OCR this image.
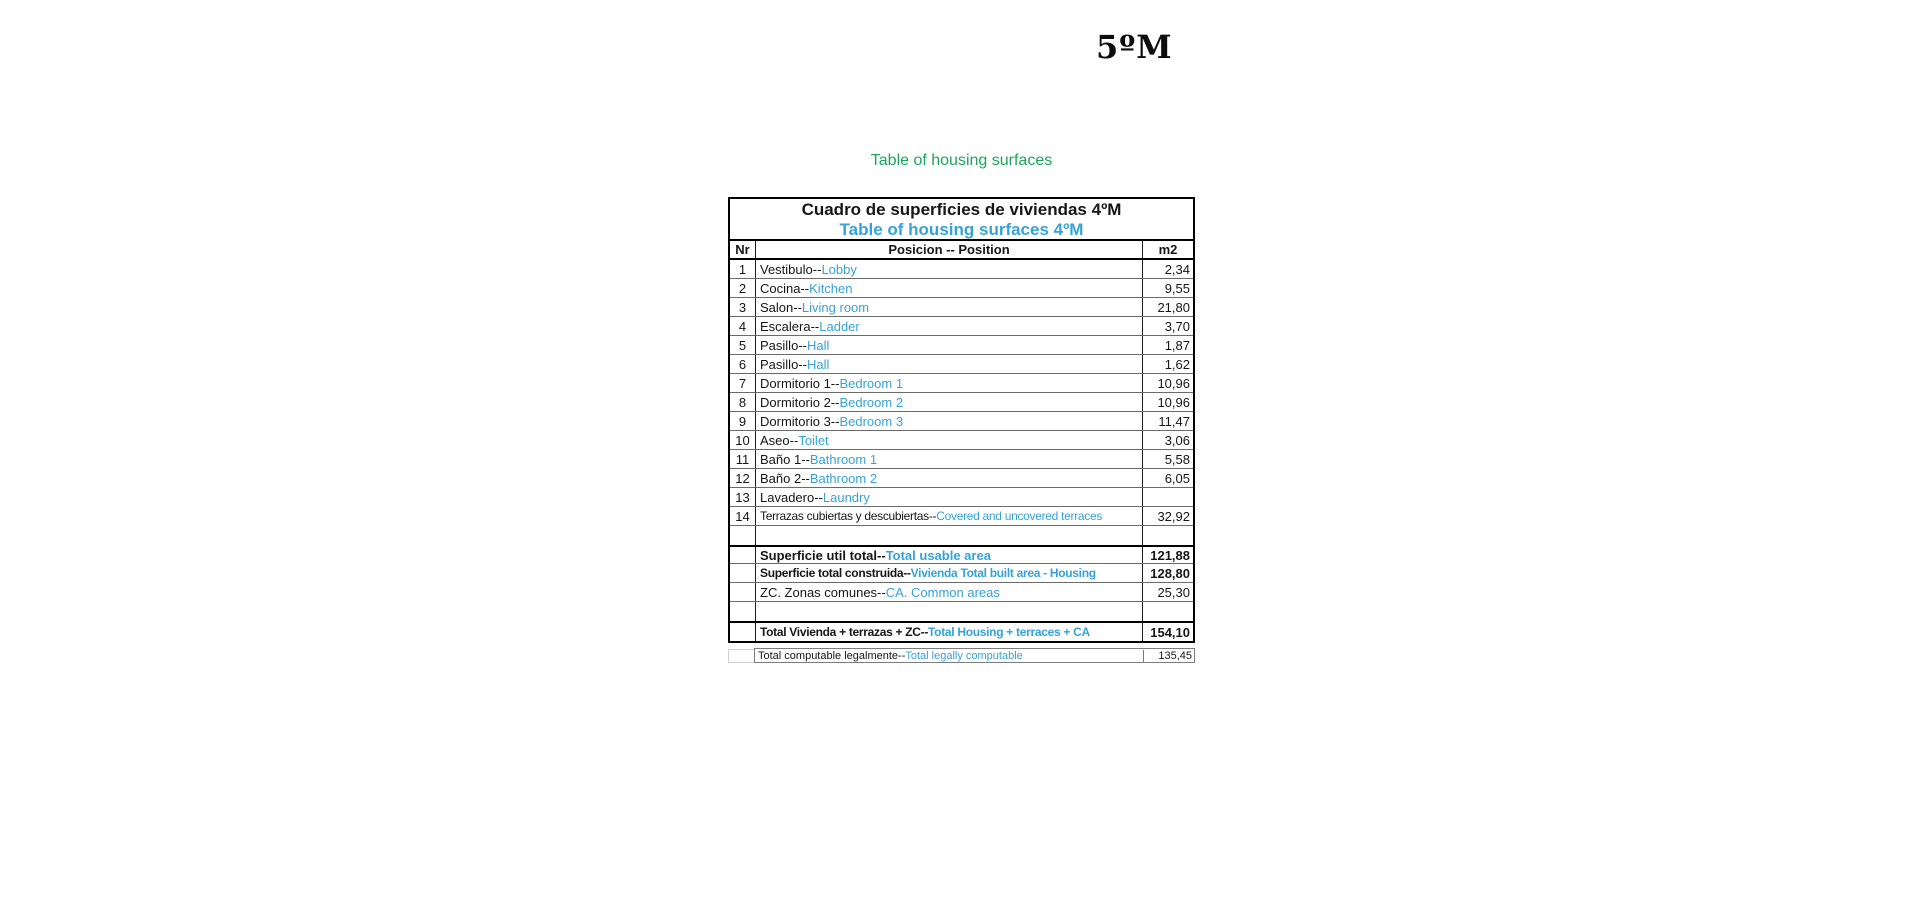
5ºM
Table of housing surfaces
Cuadro de superficies de viviendas 4ºM
Table of housing surfaces 4ºM
Nr	Posicion -- Position	m2
1	Vestibulo -- Lobby	2,34
2	Cocina -- Kitchen	9,55
3	Salon -- Living room	21,80
4	Escalera -- Ladder	3,70
5	Pasillo -- Hall	1,87
6	Pasillo -- Hall	1,62
7	Dormitorio 1 -- Bedroom 1	10,96
8	Dormitorio 2 -- Bedroom 2	10,96
9	Dormitorio 3 -- Bedroom 3	11,47
10 Aseo -- Toilet	3,06
11 Baño 1 -- Bathroom 1	5,58
12 Baño 2 -- Bathroom 2	6,05
13 Lavadero -- Laundry
14 Terrazas cubiertas y descubiertas -- Covered and uncovered terraces	32,92
Superficie util total -- Total usable area	121,88
Superficie total construida -- Vivienda Total built area - Housing	128,80
ZC. Zonas comunes -- CA. Common areas	25,30
Total Vivienda + terrazas + ZC -- Total Housing + terraces + CA	154,10
Total computable legalmente -- Total legally computable	135,45
